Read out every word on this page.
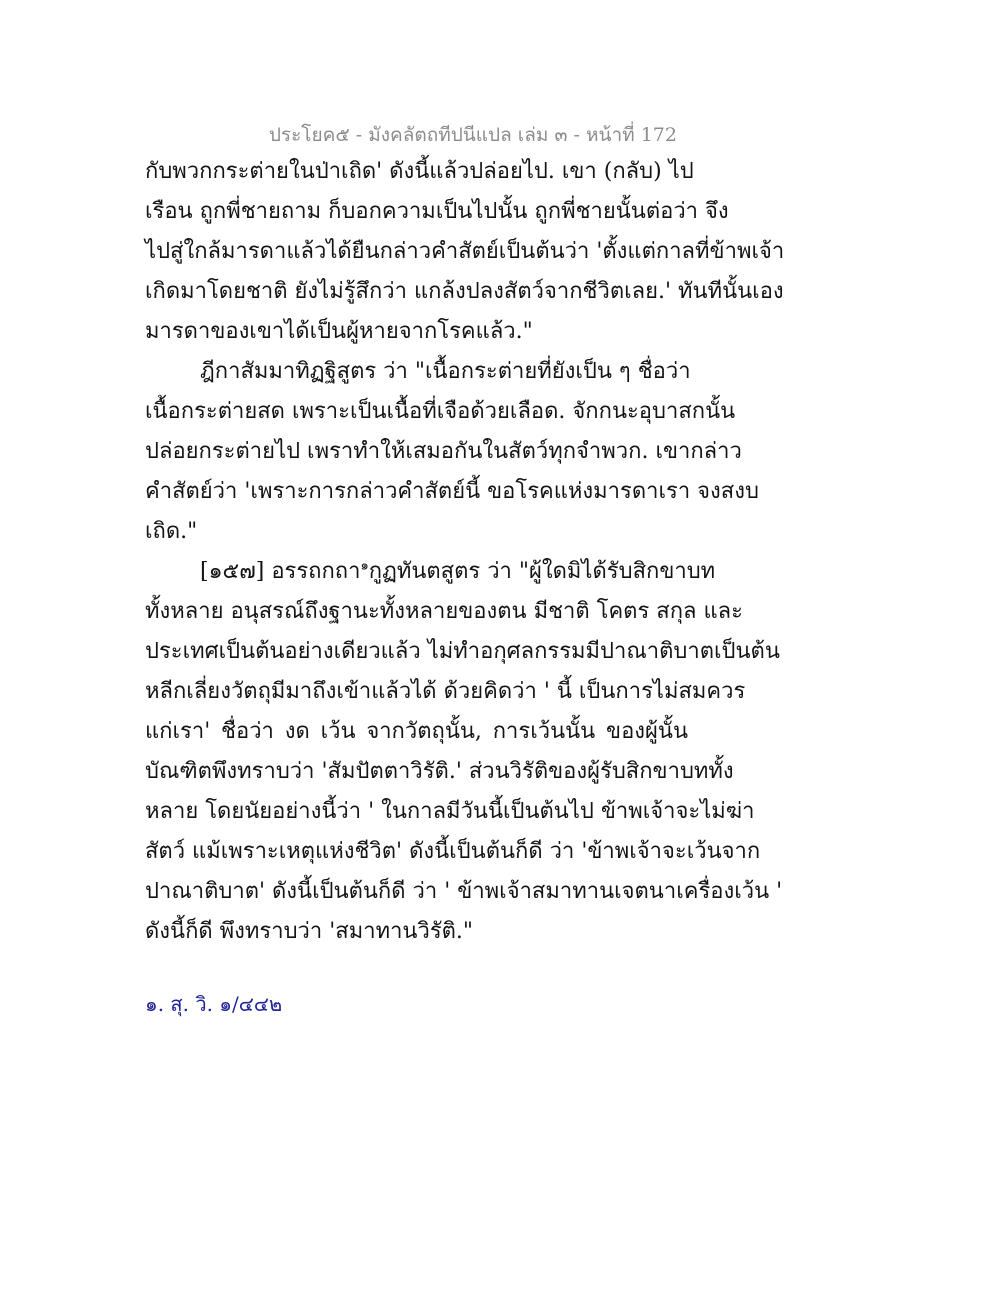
ประโยค๕ - มังคลัตถทีปนีแปล เล่ม ๓ - หน้าที่ 172
กับพวกกระต่ายในป่าเถิด' ดังนี้แล้วปล่อยไป. เขา (กลับ) ไป
เรือน ถูกพี่ชายถาม ก็บอกความเป็นไปนั้น ถูกพี่ชายนั้นต่อว่า จึง
ไปสู่ใกล้มารดาแล้วได้ยืนกล่าวคำสัตย์เป็นต้นว่า 'ตั้งแต่กาลที่ข้าพเจ้า
เกิดมาโดยชาติ ยังไม่รู้สึกว่า แกล้งปลงสัตว์จากชีวิตเลย.' ทันทีนั้นเอง
มารดาของเขาได้เป็นผู้หายจากโรคแล้ว."
ฎีกาสัมมาทิฏฐิสูตร ว่า "เนื้อกระต่ายที่ยังเป็น ๆ ชื่อว่า
เนื้อกระต่ายสด เพราะเป็นเนื้อที่เจือด้วยเลือด. จักกนะอุบาสกนั้น
ปล่อยกระต่ายไป เพราทำให้เสมอกันในสัตว์ทุกจำพวก. เขากล่าว
คำสัตย์ว่า 'เพราะการกล่าวคำสัตย์นี้ ขอโรคแห่งมารดาเรา จงสงบ
เถิด."
[๑๕๗] อรรถกถา$^๑$กูฏทันตสูตร ว่า "ผู้ใดมิได้รับสิกขาบท
ทั้งหลาย อนุสรณ์ถึงฐานะทั้งหลายของตน มีชาติ โคตร สกุล และ
ประเทศเป็นต้นอย่างเดียวแล้ว ไม่ทำอกุศลกรรมมีปาณาติบาตเป็นต้น
หลีกเลี่ยงวัตถุมีมาถึงเข้าแล้วได้ ด้วยคิดว่า ' นี้ เป็นการไม่สมควร
แก่เรา' ชื่อว่า งด เว้น จากวัตถุนั้น, การเว้นนั้น ของผู้นั้น
บัณฑิตพึงทราบว่า 'สัมปัตตาวิรัติ.' ส่วนวิรัติของผู้รับสิกขาบททั้ง
หลาย โดยนัยอย่างนี้ว่า ' ในกาลมีวันนี้เป็นต้นไป ข้าพเจ้าจะไม่ฆ่า
สัตว์ แม้เพราะเหตุแห่งชีวิต' ดังนี้เป็นต้นก็ดี ว่า 'ข้าพเจ้าจะเว้นจาก
ปาณาติบาต' ดังนี้เป็นต้นก็ดี ว่า ' ข้าพเจ้าสมาทานเจตนาเครื่องเว้น '
ดังนี้ก็ดี พึงทราบว่า 'สมาทานวิรัติ."
๑. สุ. วิ. ๑/๔๔๒
